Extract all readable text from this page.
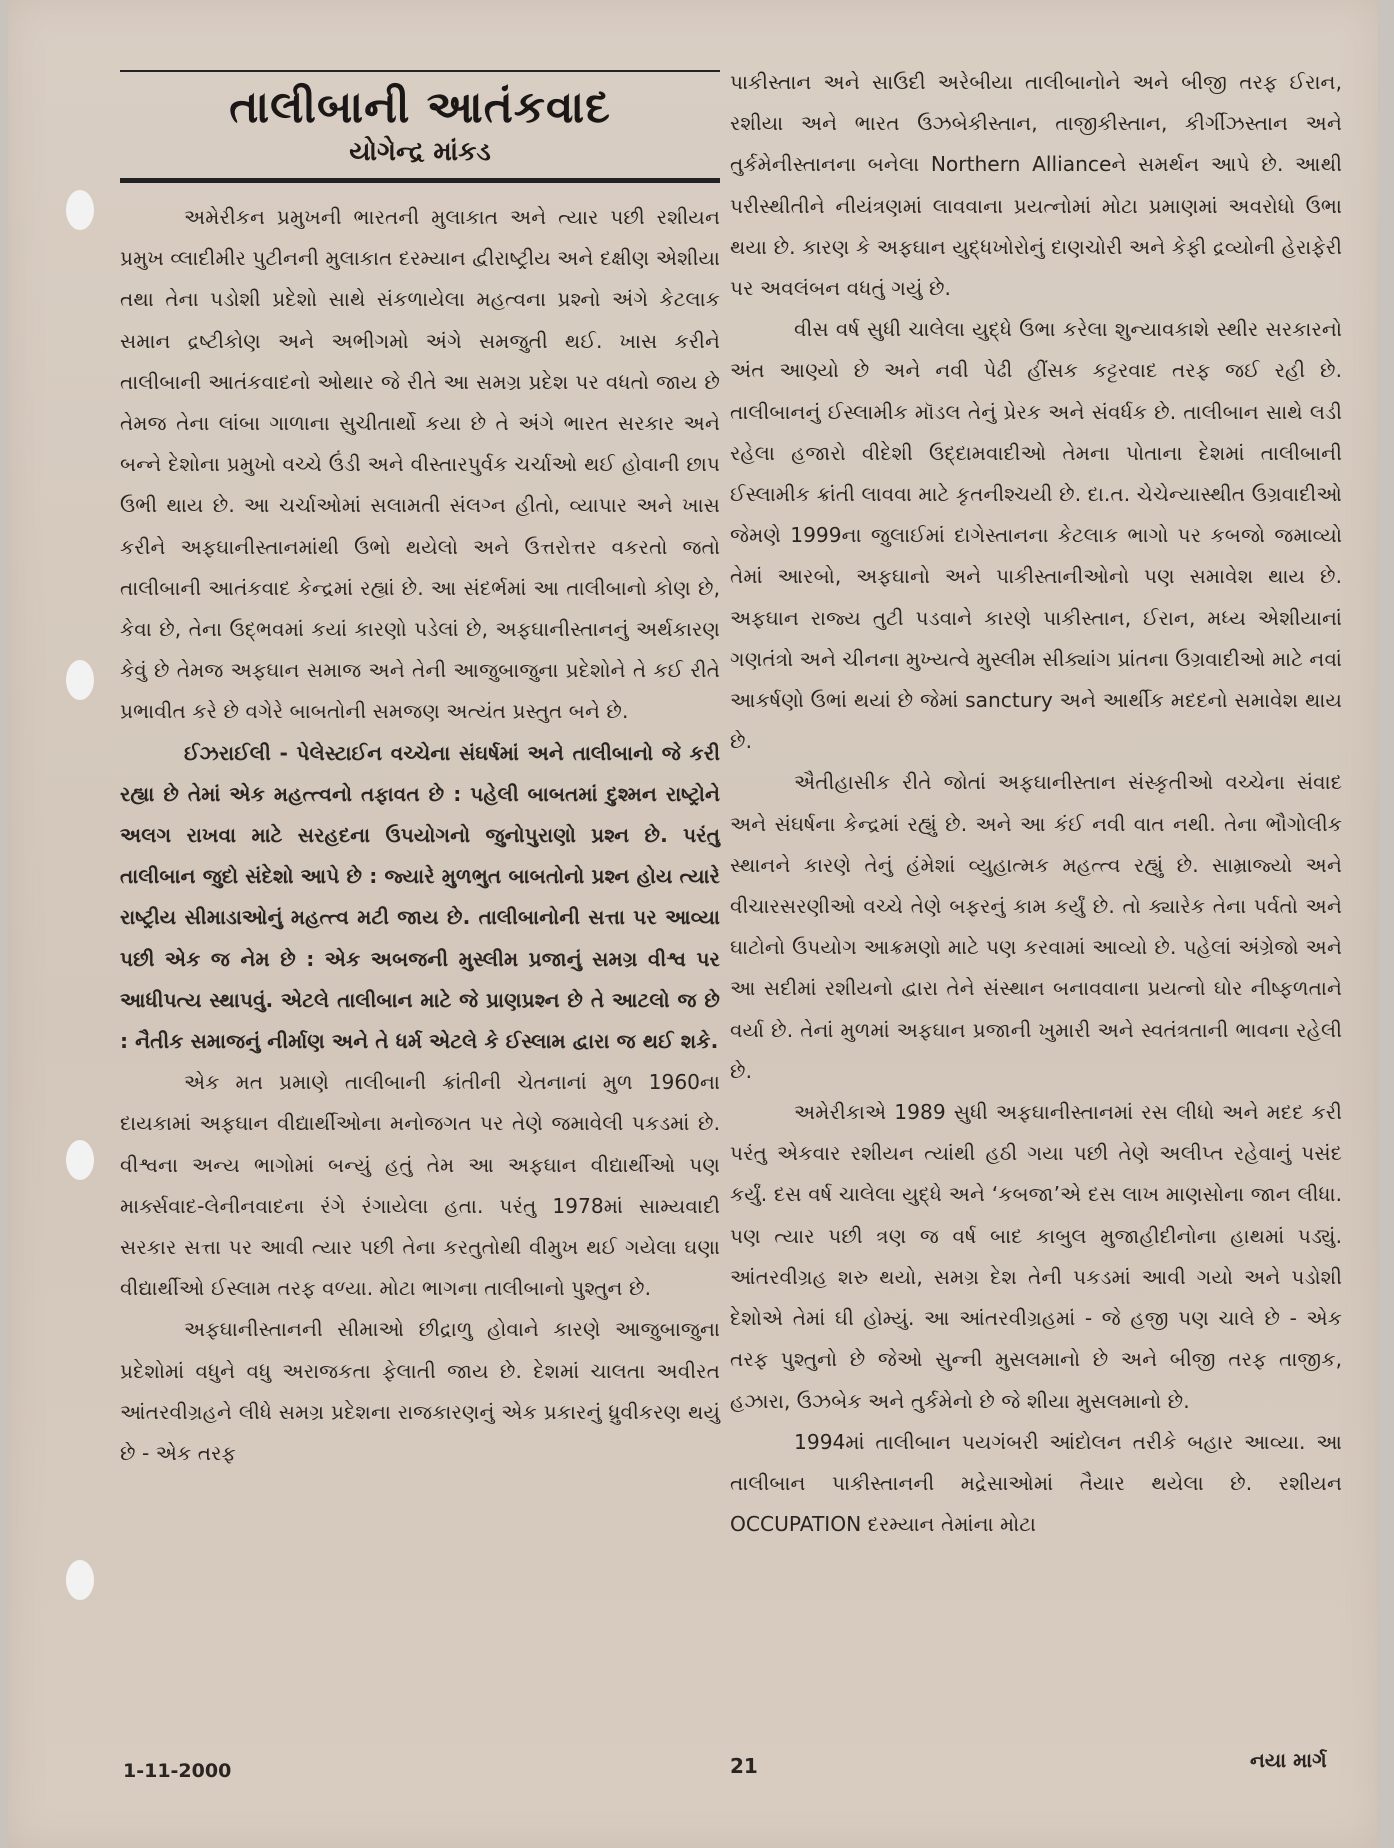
તાલીબાની આતંકવાદ
યોગેન્દ્ર માંકડ

અમેરીકન પ્રમુખની ભારતની મુલાકાત અને ત્યાર પછી રશીયન પ્રમુખ વ્લાદીમીર પુટીનની મુલાકાત દરમ્યાન દ્વીરાષ્ટ્રીય અને દક્ષીણ એશીયા તથા તેના પડોશી પ્રદેશો સાથે સંકળાયેલા મહત્વના પ્રશ્નો અંગે કેટલાક સમાન દ્રષ્ટીકોણ અને અભીગમો અંગે સમજુતી થઈ. ખાસ કરીને તાલીબાની આતંકવાદનો ઓથાર જે રીતે આ સમગ્ર પ્રદેશ પર વધતો જાય છે તેમજ તેના લાંબા ગાળાના સુચીતાર્થો કયા છે તે અંગે ભારત સરકાર અને બન્ને દેશોના પ્રમુખો વચ્ચે ઉંડી અને વીસ્તારપુર્વક ચર્ચાઓ થઈ હોવાની છાપ ઉભી થાય છે. આ ચર્ચાઓમાં સલામતી સંલગ્ન હીતો, વ્યાપાર અને ખાસ કરીને અફઘાનીસ્તાનમાંથી ઉભો થયેલો અને ઉત્તરોત્તર વકરતો જતો તાલીબાની આતંકવાદ કેન્દ્રમાં રહ્યાં છે. આ સંદર્ભમાં આ તાલીબાનો કોણ છે, કેવા છે, તેના ઉદ્ભવમાં કયાં કારણો પડેલાં છે, અફઘાનીસ્તાનનું અર્થકારણ કેવું છે તેમજ અફઘાન સમાજ અને તેની આજુબાજુના પ્રદેશોને તે કઈ રીતે પ્રભાવીત કરે છે વગેરે બાબતોની સમજણ અત્યંત પ્રસ્તુત બને છે.

ઈઝરાઈલી - પેલેસ્ટાઈન વચ્ચેના સંઘર્ષમાં અને તાલીબાનો જે કરી રહ્યા છે તેમાં એક મહત્ત્વનો તફાવત છે : પહેલી બાબતમાં દુશ્મન રાષ્ટ્રોને અલગ રાખવા માટે સરહદના ઉપયોગનો જુનોપુરાણો પ્રશ્ન છે. પરંતુ તાલીબાન જુદો સંદેશો આપે છે : જ્યારે મુળભુત બાબતોનો પ્રશ્ન હોય ત્યારે રાષ્ટ્રીય સીમાડાઓનું મહત્ત્વ મટી જાય છે. તાલીબાનોની સત્તા પર આવ્યા પછી એક જ નેમ છે : એક અબજની મુસ્લીમ પ્રજાનું સમગ્ર વીશ્વ પર આધીપત્ય સ્થાપવું. એટલે તાલીબાન માટે જે પ્રાણપ્રશ્ન છે તે આટલો જ છે : નૈતીક સમાજનું નીર્માણ અને તે ધર્મ એટલે કે ઈસ્લામ દ્વારા જ થઈ શકે.

એક મત પ્રમાણે તાલીબાની ક્રાંતીની ચેતનાનાં મુળ 1960ના દાયકામાં અફઘાન વીદ્યાર્થીઓના મનોજગત પર તેણે જમાવેલી પકડમાં છે. વીશ્વના અન્ય ભાગોમાં બન્યું હતું તેમ આ અફઘાન વીદ્યાર્થીઓ પણ માર્ક્સવાદ-લેનીનવાદના રંગે રંગાયેલા હતા. પરંતુ 1978માં સામ્યવાદી સરકાર સત્તા પર આવી ત્યાર પછી તેના કરતુતોથી વીમુખ થઈ ગયેલા ઘણા વીદ્યાર્થીઓ ઈસ્લામ તરફ વળ્યા. મોટા ભાગના તાલીબાનો પુશ્તુન છે.

અફઘાનીસ્તાનની સીમાઓ છીદ્રાળુ હોવાને કારણે આજુબાજુના પ્રદેશોમાં વધુને વધુ અરાજકતા ફેલાતી જાય છે. દેશમાં ચાલતા અવીરત આંતરવીગ્રહને લીધે સમગ્ર પ્રદેશના રાજકારણનું એક પ્રકારનું ધ્રુવીકરણ થયું છે - એક તરફ

પાકીસ્તાન અને સાઉદી અરેબીયા તાલીબાનોને અને બીજી તરફ ઈરાન, રશીયા અને ભારત ઉઝબેકીસ્તાન, તાજીકીસ્તાન, કીર્ગીઝસ્તાન અને તુર્કમેનીસ્તાનના બનેલા Northern Allianceને સમર્થન આપે છે. આથી પરીસ્થીતીને નીયંત્રણમાં લાવવાના પ્રયત્નોમાં મોટા પ્રમાણમાં અવરોધો ઉભા થયા છે. કારણ કે અફઘાન યુદ્ધખોરોનું દાણચોરી અને કેફી દ્રવ્યોની હેરાફેરી પર અવલંબન વધતું ગયું છે.

વીસ વર્ષ સુધી ચાલેલા યુદ્ધે ઉભા કરેલા શુન્યાવકાશે સ્થીર સરકારનો અંત આણ્યો છે અને નવી પેઢી હીંસક કટ્ટરવાદ તરફ જઈ રહી છે. તાલીબાનનું ઈસ્લામીક મૉડલ તેનું પ્રેરક અને સંવર્ધક છે. તાલીબાન સાથે લડી રહેલા હજારો વીદેશી ઉદ્દામવાદીઓ તેમના પોતાના દેશમાં તાલીબાની ઈસ્લામીક ક્રાંતી લાવવા માટે કૃતનીશ્ચયી છે. દા.ત. ચેચેન્યાસ્થીત ઉગ્રવાદીઓ જેમણે 1999ના જુલાઈમાં દાગેસ્તાનના કેટલાક ભાગો પર કબજો જમાવ્યો તેમાં આરબો, અફઘાનો અને પાકીસ્તાનીઓનો પણ સમાવેશ થાય છે. અફઘાન રાજ્ય તુટી પડવાને કારણે પાકીસ્તાન, ઈરાન, મધ્ય એશીયાનાં ગણતંત્રો અને ચીનના મુખ્યત્વે મુસ્લીમ સીક્યાંગ પ્રાંતના ઉગ્રવાદીઓ માટે નવાં આકર્ષણો ઉભાં થયાં છે જેમાં sanctury અને આર્થીક મદદનો સમાવેશ થાય છે.

ઐતીહાસીક રીતે જોતાં અફઘાનીસ્તાન સંસ્કૃતીઓ વચ્ચેના સંવાદ અને સંઘર્ષના કેન્દ્રમાં રહ્યું છે. અને આ કંઈ નવી વાત નથી. તેના ભૌગોલીક સ્થાનને કારણે તેનું હંમેશાં વ્યુહાત્મક મહત્ત્વ રહ્યું છે. સામ્રાજ્યો અને વીચારસરણીઓ વચ્ચે તેણે બફરનું કામ કર્યું છે. તો ક્યારેક તેના પર્વતો અને ઘાટોનો ઉપયોગ આક્રમણો માટે પણ કરવામાં આવ્યો છે. પહેલાં અંગ્રેજો અને આ સદીમાં રશીયનો દ્વારા તેને સંસ્થાન બનાવવાના પ્રયત્નો ઘોર નીષ્ફળતાને વર્યા છે. તેનાં મુળમાં અફઘાન પ્રજાની ખુમારી અને સ્વતંત્રતાની ભાવના રહેલી છે.

અમેરીકાએ 1989 સુધી અફઘાનીસ્તાનમાં રસ લીધો અને મદદ કરી પરંતુ એકવાર રશીયન ત્યાંથી હઠી ગયા પછી તેણે અલીપ્ત રહેવાનું પસંદ કર્યું. દસ વર્ષ ચાલેલા યુદ્ધે અને ‘કબજા’એ દસ લાખ માણસોના જાન લીધા. પણ ત્યાર પછી ત્રણ જ વર્ષ બાદ કાબુલ મુજાહીદીનોના હાથમાં પડ્યું. આંતરવીગ્રહ શરુ થયો, સમગ્ર દેશ તેની પકડમાં આવી ગયો અને પડોશી દેશોએ તેમાં ઘી હોમ્યું. આ આંતરવીગ્રહમાં - જે હજી પણ ચાલે છે - એક તરફ પુશ્તુનો છે જેઓ સુન્ની મુસલમાનો છે અને બીજી તરફ તાજીક, હઝારા, ઉઝબેક અને તુર્કમેનો છે જે શીયા મુસલમાનો છે.

1994માં તાલીબાન પયગંબરી આંદોલન તરીકે બહાર આવ્યા. આ તાલીબાન પાકીસ્તાનની મદ્રેસાઓમાં તૈયાર થયેલા છે. રશીયન OCCUPATION દરમ્યાન તેમાંના મોટા

1-11-2000	21	નયા માર્ગ
